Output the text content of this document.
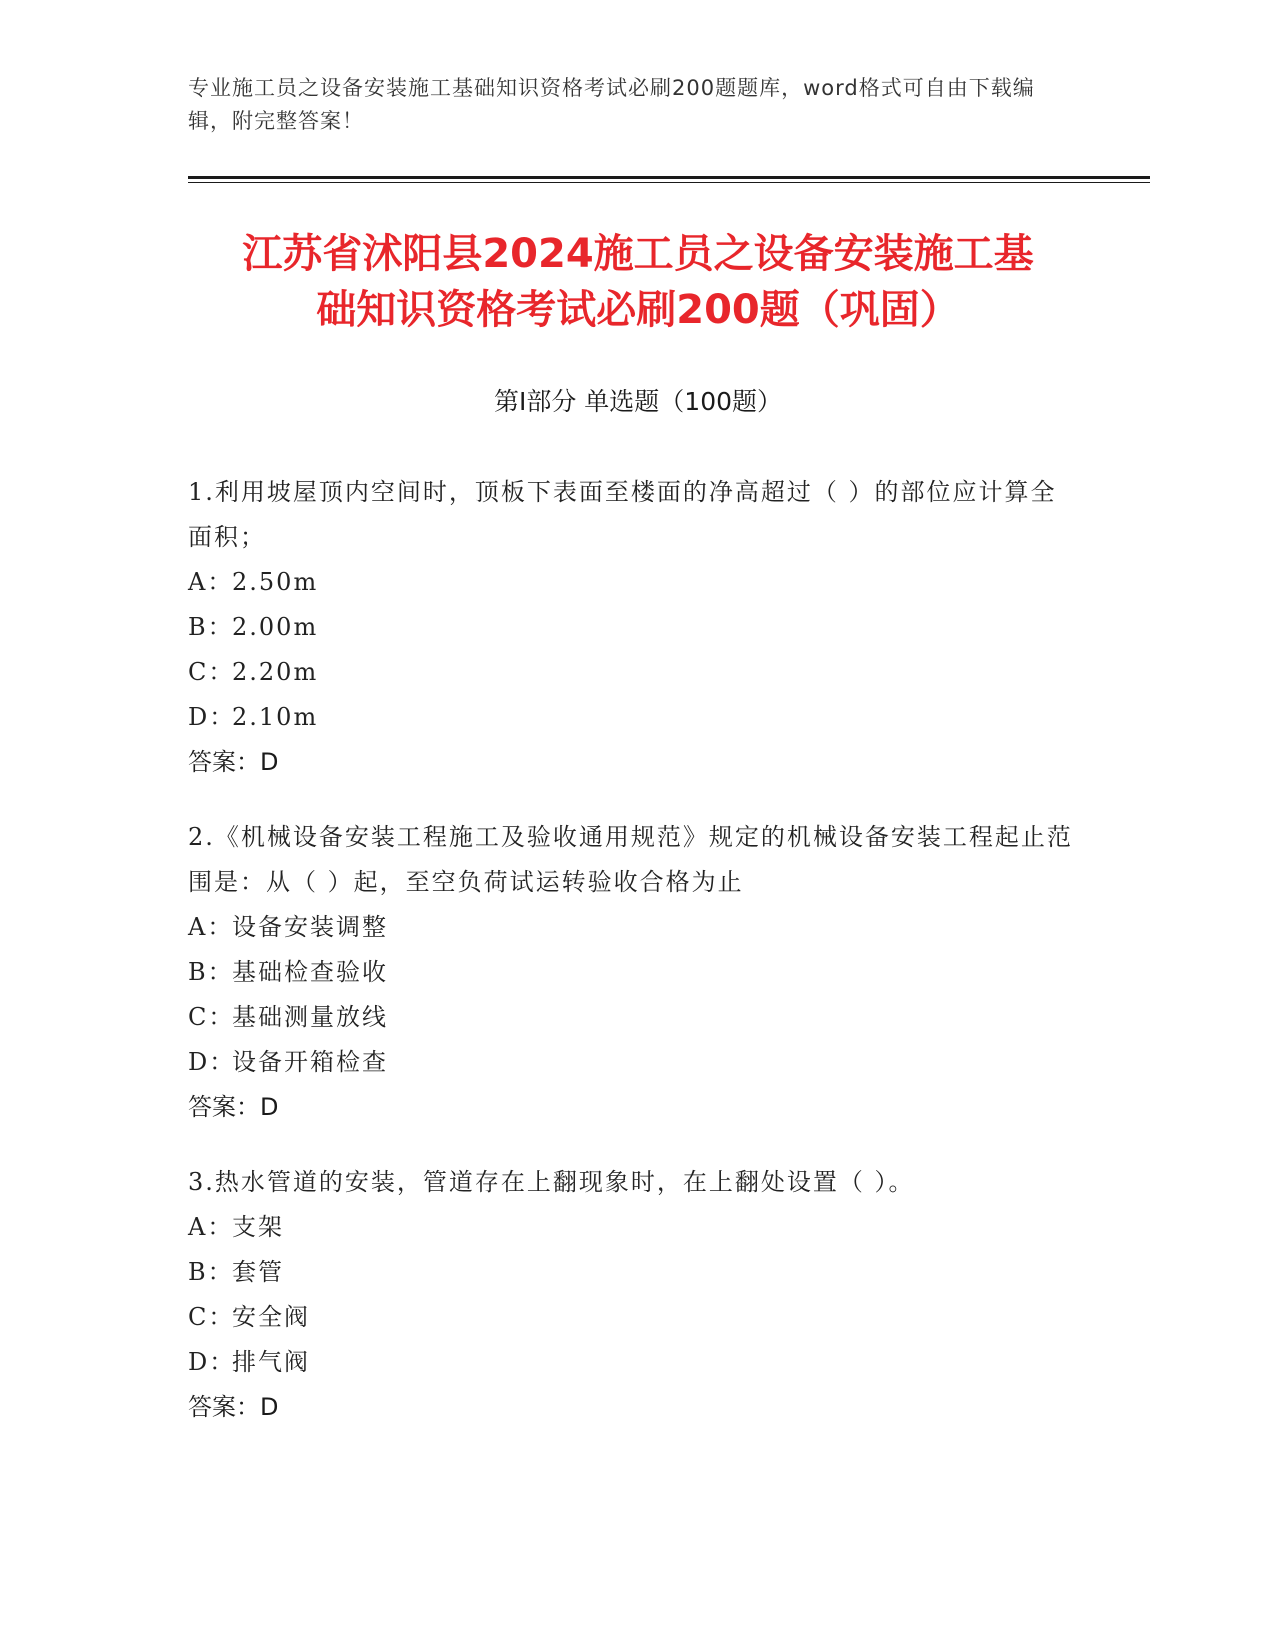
专业施工员之设备安装施工基础知识资格考试必刷200题题库，word格式可自由下载编辑，附完整答案！
江苏省沭阳县2024施工员之设备安装施工基
础知识资格考试必刷200题（巩固）
第Ⅰ部分 单选题（100题）
1.利用坡屋顶内空间时，顶板下表面至楼面的净高超过（ ）的部位应计算全面积；
A：2.50m
B：2.00m
C：2.20m
D：2.10m
答案：D
2.《机械设备安装工程施工及验收通用规范》规定的机械设备安装工程起止范围是：从（ ）起，至空负荷试运转验收合格为止
A：设备安装调整
B：基础检查验收
C：基础测量放线
D：设备开箱检查
答案：D
3.热水管道的安装，管道存在上翻现象时，在上翻处设置（ ）。
A：支架
B：套管
C：安全阀
D：排气阀
答案：D
